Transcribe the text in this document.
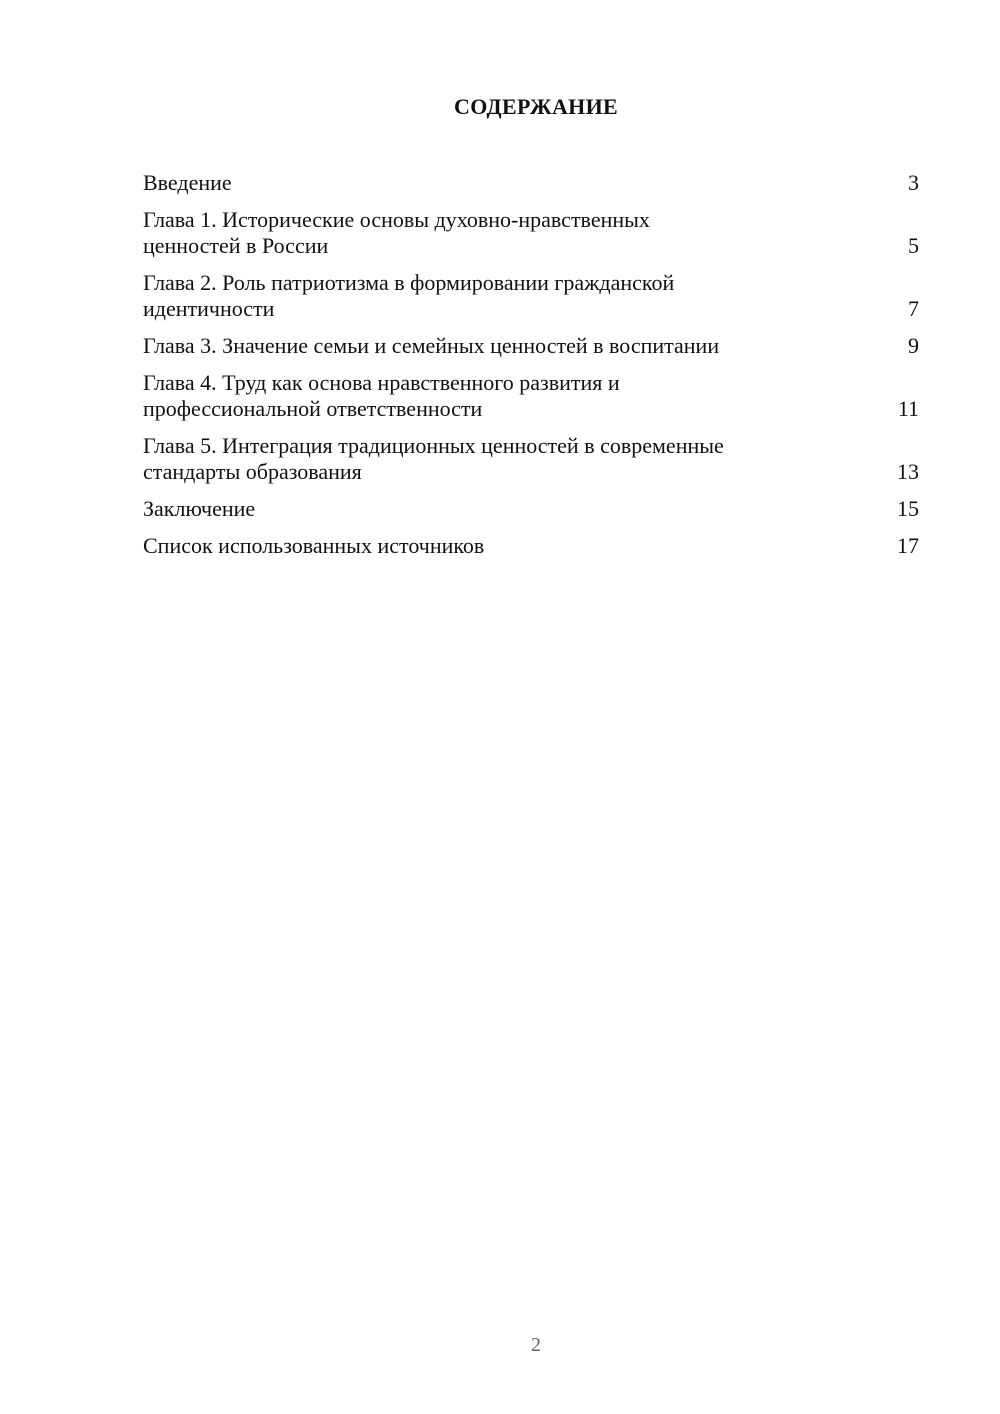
СОДЕРЖАНИЕ
Введение	3
Глава 1. Исторические основы духовно-нравственных
ценностей в России	5
Глава 2. Роль патриотизма в формировании гражданской
идентичности	7
Глава 3. Значение семьи и семейных ценностей в воспитании	9
Глава 4. Труд как основа нравственного развития и
профессиональной ответственности	11
Глава 5. Интеграция традиционных ценностей в современные
стандарты образования	13
Заключение	15
Список использованных источников	17
2
